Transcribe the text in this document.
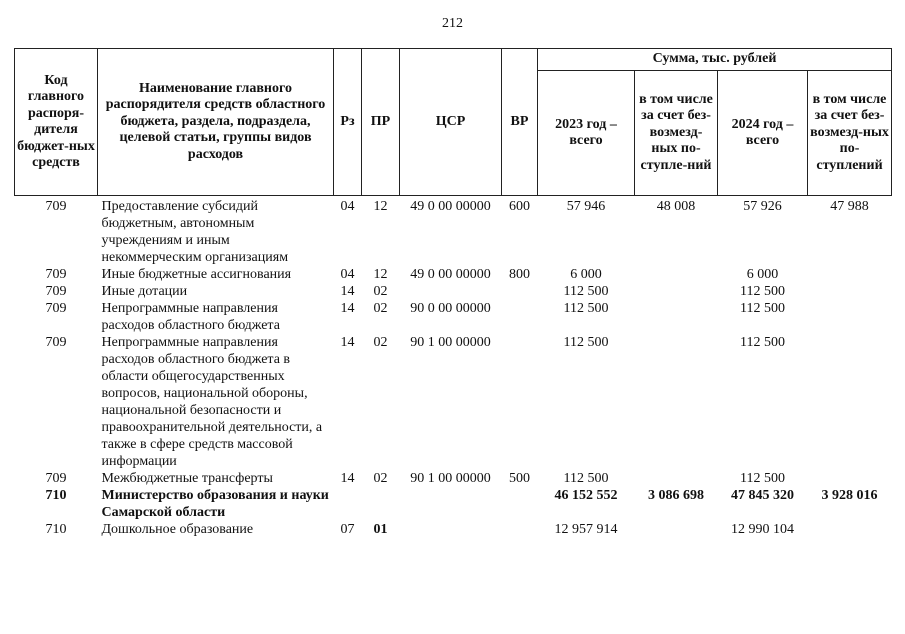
212
Код главного распоря-дителя бюджет-ных средств	Наименование главного распорядителя средств областного бюджета, раздела, подраздела, целевой статьи, группы видов расходов	Рз	ПР	ЦСР	ВР	Сумма, тыс. рублей			
						2023 год – всего	в том числе за счет без-возмезд-ных по-ступле-ний	2024 год – всего	в том числе за счет без-возмезд-ных по-ступлений
709	Предоставление субсидий бюджетным, автономным учреждениям и иным некоммерческим организациям	04	12	49 0 00 00000	600	57 946	48 008	57 926	47 988
709	Иные бюджетные ассигнования	04	12	49 0 00 00000	800	6 000		6 000	
709	Иные дотации	14	02			112 500		112 500	
709	Непрограммные направления расходов областного бюджета	14	02	90 0 00 00000		112 500		112 500	
709	Непрограммные направления расходов областного бюджета в области общегосударственных вопросов, национальной обороны, национальной безопасности и правоохранительной деятельности, а также в сфере средств массовой информации	14	02	90 1 00 00000		112 500		112 500	
709	Межбюджетные трансферты	14	02	90 1 00 00000	500	112 500		112 500	
710	Министерство образования и науки Самарской области					46 152 552	3 086 698	47 845 320	3 928 016
710	Дошкольное образование	07	01			12 957 914		12 990 104	
